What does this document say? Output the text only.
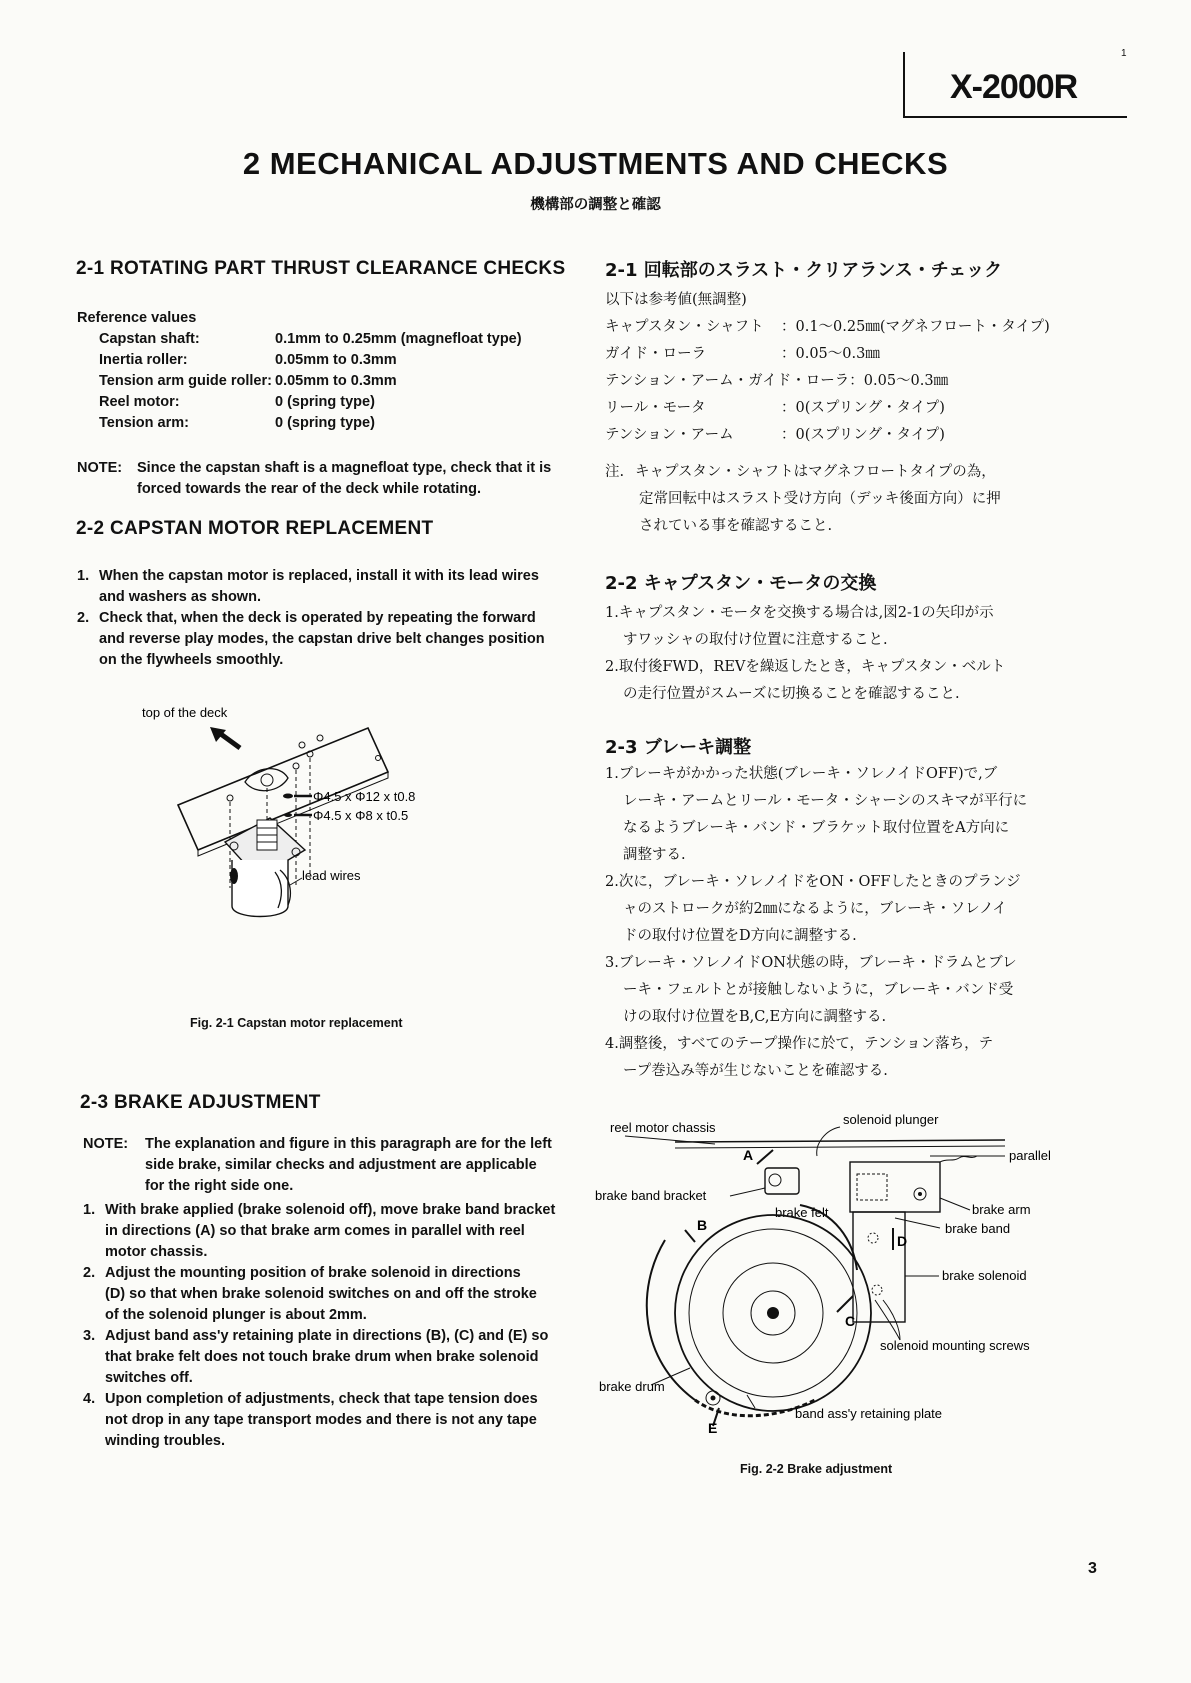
X-2000R
1
2 MECHANICAL ADJUSTMENTS AND CHECKS
機構部の調整と確認
2-1 ROTATING PART THRUST CLEARANCE CHECKS
Reference values
Capstan shaft:	0.1mm to 0.25mm (magnefloat type)
Inertia roller:	0.05mm to 0.3mm
Tension arm guide roller: 0.05mm to 0.3mm
Reel motor:	0 (spring type)
Tension arm:	0 (spring type)
NOTE:	Since the capstan shaft is a magnefloat type, check that it is
forced towards the rear of the deck while rotating.
2-2 CAPSTAN MOTOR REPLACEMENT
1. When the capstan motor is replaced, install it with its lead wires
and washers as shown.
2. Check that, when the deck is operated by repeating the forward
and reverse play modes, the capstan drive belt changes position
on the flywheels smoothly.
top of the deck
Φ4.5 x Φ12 x t0.8
Φ4.5 x Φ8 x t0.5
lead wires
Fig. 2-1 Capstan motor replacement
2-3 BRAKE ADJUSTMENT
NOTE:	The explanation and figure in this paragraph are for the left
side brake, similar checks and adjustment are applicable
for the right side one.
1. With brake applied (brake solenoid off), move brake band bracket
in directions (A) so that brake arm comes in parallel with reel
motor chassis.
2. Adjust the mounting position of brake solenoid in directions
(D) so that when brake solenoid switches on and off the stroke
of the solenoid plunger is about 2mm.
3. Adjust band ass'y retaining plate in directions (B), (C) and (E) so
that brake felt does not touch brake drum when brake solenoid
switches off.
4. Upon completion of adjustments, check that tape tension does
not drop in any tape transport modes and there is not any tape
winding troubles.
2-1 回転部のスラスト・クリアランス・チェック
以下は参考値(無調整)
キャプスタン・シャフト	：0.1～0.25㎜(マグネフロート・タイプ)
ガイド・ローラ	：0.05～0.3㎜
テンション・アーム・ガイド・ローラ ：0.05～0.3㎜
リール・モータ	：0(スプリング・タイプ)
テンション・アーム	：0(スプリング・タイプ)
注. キャプスタン・シャフトはマグネフロートタイプの為，
定常回転中はスラスト受け方向（デッキ後面方向）に押
されている事を確認すること.
2-2 キャプスタン・モータの交換
1.キャプスタン・モータを交換する場合は,図2-1の矢印が示
すワッシャの取付け位置に注意すること.
2.取付後FWD，REVを繰返したとき，キャプスタン・ベルト
の走行位置がスムーズに切換ることを確認すること.
2-3 ブレーキ調整
1.ブレーキがかかった状態(ブレーキ・ソレノイドOFF)で,ブ
レーキ・アームとリール・モータ・シャーシのスキマが平行に
なるようブレーキ・バンド・ブラケット取付位置をA方向に
調整する.
2.次に，ブレーキ・ソレノイドをON・OFFしたときのプランジ
ャのストロークが約2㎜になるように，ブレーキ・ソレノイ
ドの取付け位置をD方向に調整する.
3.ブレーキ・ソレノイドON状態の時，ブレーキ・ドラムとブレ
ーキ・フェルトとが接触しないように，ブレーキ・バンド受
けの取付け位置をB,C,E方向に調整する.
4.調整後，すべてのテープ操作に於て，テンション落ち，テ
ープ巻込み等が生じないことを確認する.
reel motor chassis
solenoid plunger
parallel
brake arm
D
brake solenoid
brake band
solenoid mounting screws
C
A
brake band bracket
brake felt
B
E
brake drum
band ass'y retaining plate
Fig. 2-2 Brake adjustment
3
